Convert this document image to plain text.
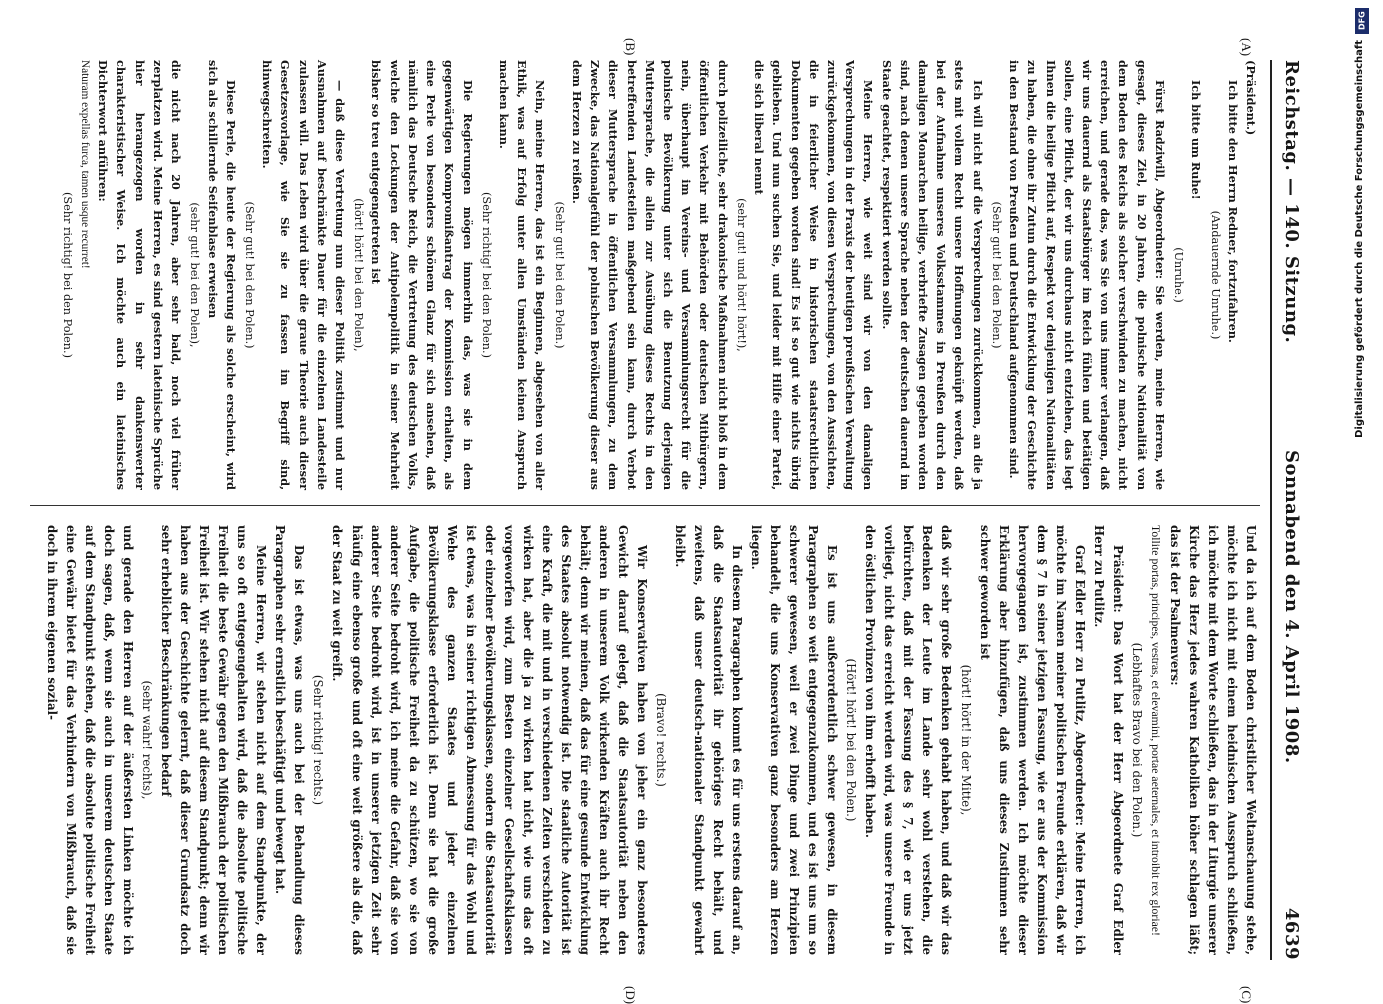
Reichstag. — 140. Sitzung.
Sonnabend den 4. April 1908.
4639
(A)
(B)
(C)
(D)

(Präsident.)

Ich bitte den Herrn Redner, fortzufahren.

(Andauernde Unruhe.)

Ich bitte um Ruhe!

(Unruhe.)

Fürst Radziwill, Abgeordneter: Sie werden, meine Herren, wie gesagt, dieses Ziel, in 20 Jahren, die polnische Nationalität von dem Boden des Reichs als solcher verschwinden zu machen, nicht erreichen, und gerade das, was Sie von uns immer verlangen, daß wir uns dauernd als Staatsbürger im Reich fühlen und betätigen sollen, eine Pflicht, der wir uns durchaus nicht entziehen, das legt Ihnen die heilige Pflicht auf, Respekt vor denjenigen Nationalitäten zu haben, die ohne ihr Zutun durch die Entwicklung der Geschichte in den Bestand von Preußen und Deutschland aufgenommen sind.

(Sehr gut! bei den Polen.)

Ich will nicht auf die Versprechungen zurückkommen, an die ja stets mit vollem Recht unsere Hoffnungen geknüpft werden, daß bei der Aufnahme unseres Volksstammes in Preußen durch den damaligen Monarchen heilige, verbriefte Zusagen gegeben worden sind, nach denen unsere Sprache neben der deutschen dauernd im Staate geachtet, respektiert werden sollte.

Meine Herren, wie weit sind wir von den damaligen Versprechungen in der Praxis der heutigen preußischen Verwaltung zurückgekommen, von diesen Versprechungen, von den Aussichten, die in feierlicher Weise in historischen staatsrechtlichen Dokumenten gegeben worden sind! Es ist so gut wie nichts übrig geblieben. Und nun suchen Sie, und leider mit Hilfe einer Partei, die sich liberal nennt

(sehr gut! und hört! hört!),

durch polizeiliche, sehr drakonische Maßnahmen nicht bloß in dem öffentlichen Verkehr mit Behörden oder deutschen Mitbürgern, nein, überhaupt im Vereins- und Versammlungsrecht für die polnische Bevölkerung unter sich die Benutzung derjenigen Muttersprache, die allein zur Ausübung dieses Rechts in den betreffenden Landesteilen maßgebend sein kann, durch Verbot dieser Muttersprache in öffentlichen Versammlungen, zu dem Zwecke, das Nationalgefühl der polnischen Bevölkerung dieser aus dem Herzen zu reißen.

(Sehr gut! bei den Polen.)

Nein, meine Herren, das ist ein Beginnen, abgesehen von aller Ethik, was auf Erfolg unter allen Umständen keinen Anspruch machen kann.

(Sehr richtig! bei den Polen.)

Die Regierungen mögen immerhin das, was sie in dem gegenwärtigen Kompromißantrag der Kommission erhalten, als eine Perle von besonders schönem Glanz für sich ansehen, daß nämlich das Deutsche Reich, die Vertretung des deutschen Volks, welche den Lockungen der Antipolenpolitik in seiner Mehrheit bisher so treu entgegengetreten ist

(hört! hört! bei den Polen),

— daß diese Vertretung nun dieser Politik zustimmt und nur Ausnahmen auf beschränkte Dauer für die einzelnen Landesteile zulassen will. Das Leben wird über die graue Theorie auch dieser Gesetzesvorlage, wie Sie sie zu fassen im Begriff sind, hinwegschreiten.

(Sehr gut! bei den Polen.)

Diese Perle, die heute der Regierung als solche erscheint, wird sich als schillernde Seifenblase erweisen

(sehr gut! bei den Polen),

die nicht nach 20 Jahren, aber sehr bald, noch viel früher zerplatzen wird. Meine Herren, es sind gestern lateinische Sprüche hier herangezogen worden in sehr dankenswerter charakteristischer Weise. Ich möchte auch ein lateinisches Dichterwort anführen:

Naturam expellas furca, tamen usque recurret!

(Sehr richtig! bei den Polen.)

Und da ich auf dem Boden christlicher Weltanschauung stehe, möchte ich nicht mit einem heidnischen Ausspruch schließen, ich möchte mit dem Worte schließen, das in der Liturgie unserer Kirche das Herz jedes wahren Katholiken höher schlagen läßt; das ist der Psalmenvers:

Tollite portas, principes, vestras, et elevamini, portae aeternales, et introibit rex gloriae!

(Lebhaftes Bravo bei den Polen.)

Präsident: Das Wort hat der Herr Abgeordnete Graf Edler Herr zu Putlitz.

Graf Edler Herr zu Putlitz, Abgeordneter: Meine Herren, ich möchte im Namen meiner politischen Freunde erklären, daß wir dem § 7 in seiner jetzigen Fassung, wie er aus der Kommission hervorgegangen ist, zustimmen werden. Ich möchte dieser Erklärung aber hinzufügen, daß uns dieses Zustimmen sehr schwer geworden ist

(hört! hört! in der Mitte),

daß wir sehr große Bedenken gehabt haben, und daß wir das Bedenken der Leute im Lande sehr wohl verstehen, die befürchten, daß mit der Fassung des § 7, wie er uns jetzt vorliegt, nicht das erreicht werden wird, was unsere Freunde in den östlichen Provinzen von ihm erhofft haben.

(Hört! hört! bei den Polen.)

Es ist uns außerordentlich schwer gewesen, in diesem Paragraphen so weit entgegenzukommen, und es ist uns um so schwerer gewesen, weil er zwei Dinge und zwei Prinzipien behandelt, die uns Konservativen ganz besonders am Herzen liegen.

In diesem Paragraphen kommt es für uns erstens darauf an, daß die Staatsautorität ihr gehöriges Recht behält, und zweitens, daß unser deutsch-nationaler Standpunkt gewahrt bleibt.

(Bravo! rechts.)

Wir Konservativen haben von jeher ein ganz besonderes Gewicht darauf gelegt, daß die Staatsautorität neben den anderen in unserem Volk wirkenden Kräften auch ihr Recht behält; denn wir meinen, daß das für eine gesunde Entwicklung des Staates absolut notwendig ist. Die staatliche Autorität ist eine Kraft, die mit und in verschiedenen Zeiten verschieden zu wirken hat, aber die ja zu wirken hat nicht, wie uns das oft vorgeworfen wird, zum Besten einzelner Gesellschaftsklassen oder einzelner Bevölkerungsklassen, sondern die Staatsautorität ist etwas, was in seiner richtigen Abmessung für das Wohl und Wehe des ganzen Staates und jeder einzelnen Bevölkerungsklasse erforderlich ist. Denn sie hat die große Aufgabe, die politische Freiheit da zu schützen, wo sie von anderer Seite bedroht wird, ich meine die Gefahr, daß sie von anderer Seite bedroht wird, ist in unserer jetzigen Zeit sehr häufig eine ebenso große und oft eine weit größere als die, daß der Staat zu weit greift.

(Sehr richtig! rechts.)

Das ist etwas, was uns auch bei der Behandlung dieses Paragraphen sehr ernstlich beschäftigt und bewegt hat.

Meine Herren, wir stehen nicht auf dem Standpunkte, der uns so oft entgegengehalten wird, daß die absolute politische Freiheit die beste Gewähr gegen den Mißbrauch der politischen Freiheit ist. Wir stehen nicht auf diesem Standpunkt; denn wir haben aus der Geschichte gelernt, daß dieser Grundsatz doch sehr erheblicher Beschränkungen bedarf

(sehr wahr! rechts),

und gerade den Herren auf der äußersten Linken möchte ich doch sagen, daß, wenn sie auch in unserem deutschen Staate auf dem Standpunkt stehen, daß die absolute politische Freiheit eine Gewähr bietet für das Verhindern von Mißbrauch, daß sie doch in ihrem eigenen sozial-

DFG
Digitalisierung gefördert durch die Deutsche Forschungsgemeinschaft
